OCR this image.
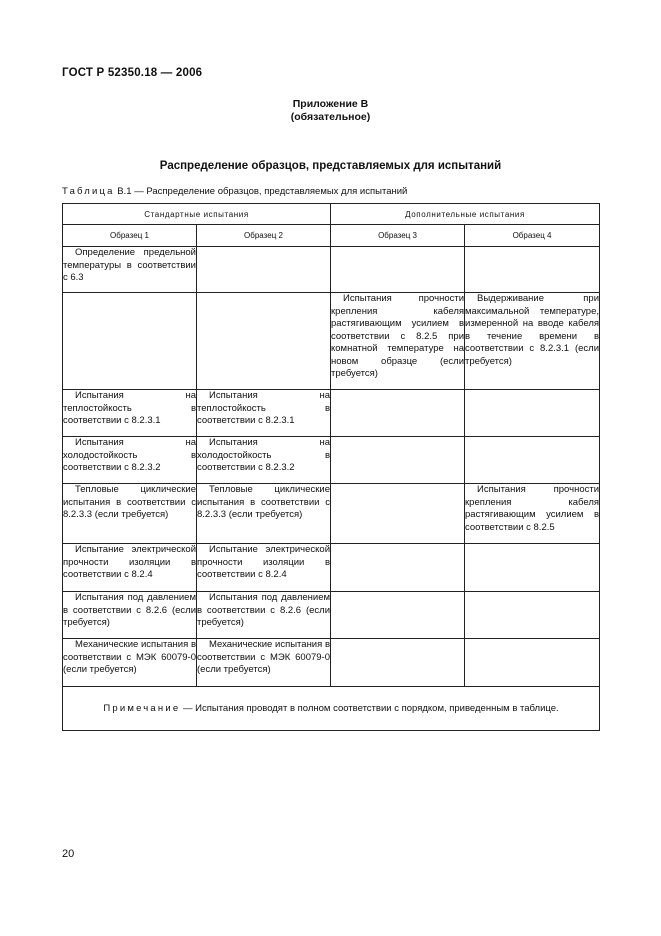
ГОСТ Р 52350.18 — 2006
Приложение В
(обязательное)
Распределение образцов, представляемых для испытаний
Таблица В.1 — Распределение образцов, представляемых для испытаний
Стандартные испытания		Дополнительные испытания	
Образец 1	Образец 2	Образец 3	Образец 4
Определение предельной температуры в соответствии с 6.3			
		Испытания прочности крепления кабеля растягивающим усилием в соответствии с 8.2.5 при комнатной температуре на новом образце (если требуется)	Выдерживание при максимальной температуре, измеренной на вводе кабеля в течение времени в соответствии с 8.2.3.1 (если требуется)
Испытания на теплостойкость в соответствии с 8.2.3.1	Испытания на теплостойкость в соответствии с 8.2.3.1		
Испытания на холодостойкость в соответствии с 8.2.3.2	Испытания на холодостойкость в соответствии с 8.2.3.2		
Тепловые циклические испытания в соответствии с 8.2.3.3 (если требуется)	Тепловые циклические испытания в соответствии с 8.2.3.3 (если требуется)		Испытания прочности крепления кабеля растягивающим усилием в соответствии с 8.2.5
Испытание электрической прочности изоляции в соответствии с 8.2.4	Испытание электрической прочности изоляции в соответствии с 8.2.4		
Испытания под давлением в соответствии с 8.2.6 (если требуется)	Испытания под давлением в соответствии с 8.2.6 (если требуется)		
Механические испытания в соответствии с МЭК 60079-0 (если требуется)	Механические испытания в соответствии с МЭК 60079-0 (если требуется)		
Примечание — Испытания проводят в полном соответствии с порядком, приведенным в таблице.			
20
